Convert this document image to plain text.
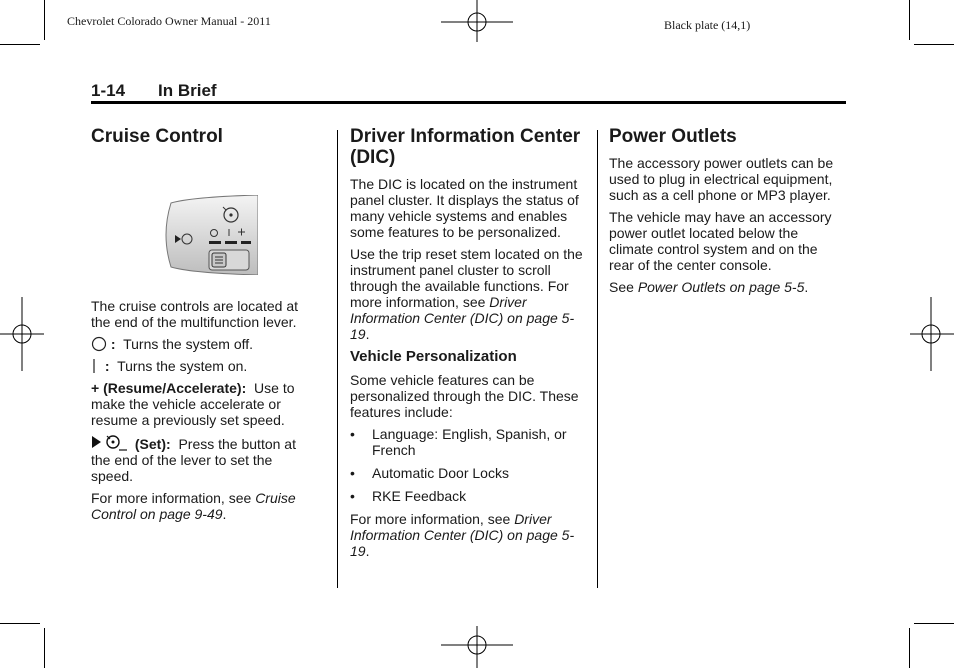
Chevrolet Colorado Owner Manual - 2011	Black plate (14,1)
1-14 In Brief
Cruise Control

The cruise controls are located at the end of the multifunction lever.

: Turns the system off.

: Turns the system on.

+ (Resume/Accelerate): Use to make the vehicle accelerate or resume a previously set speed.

(Set): Press the button at the end of the lever to set the speed.

For more information, see Cruise Control on page 9-49.

Driver Information Center (DIC)

The DIC is located on the instrument panel cluster. It displays the status of many vehicle systems and enables some features to be personalized.

Use the trip reset stem located on the instrument panel cluster to scroll through the available functions. For more information, see Driver Information Center (DIC) on page 5-19.

Vehicle Personalization

Some vehicle features can be personalized through the DIC. These features include:

• Language: English, Spanish, or French
• Automatic Door Locks
• RKE Feedback

For more information, see Driver Information Center (DIC) on page 5-19.

Power Outlets

The accessory power outlets can be used to plug in electrical equipment, such as a cell phone or MP3 player.

The vehicle may have an accessory power outlet located below the climate control system and on the rear of the center console.

See Power Outlets on page 5-5.
